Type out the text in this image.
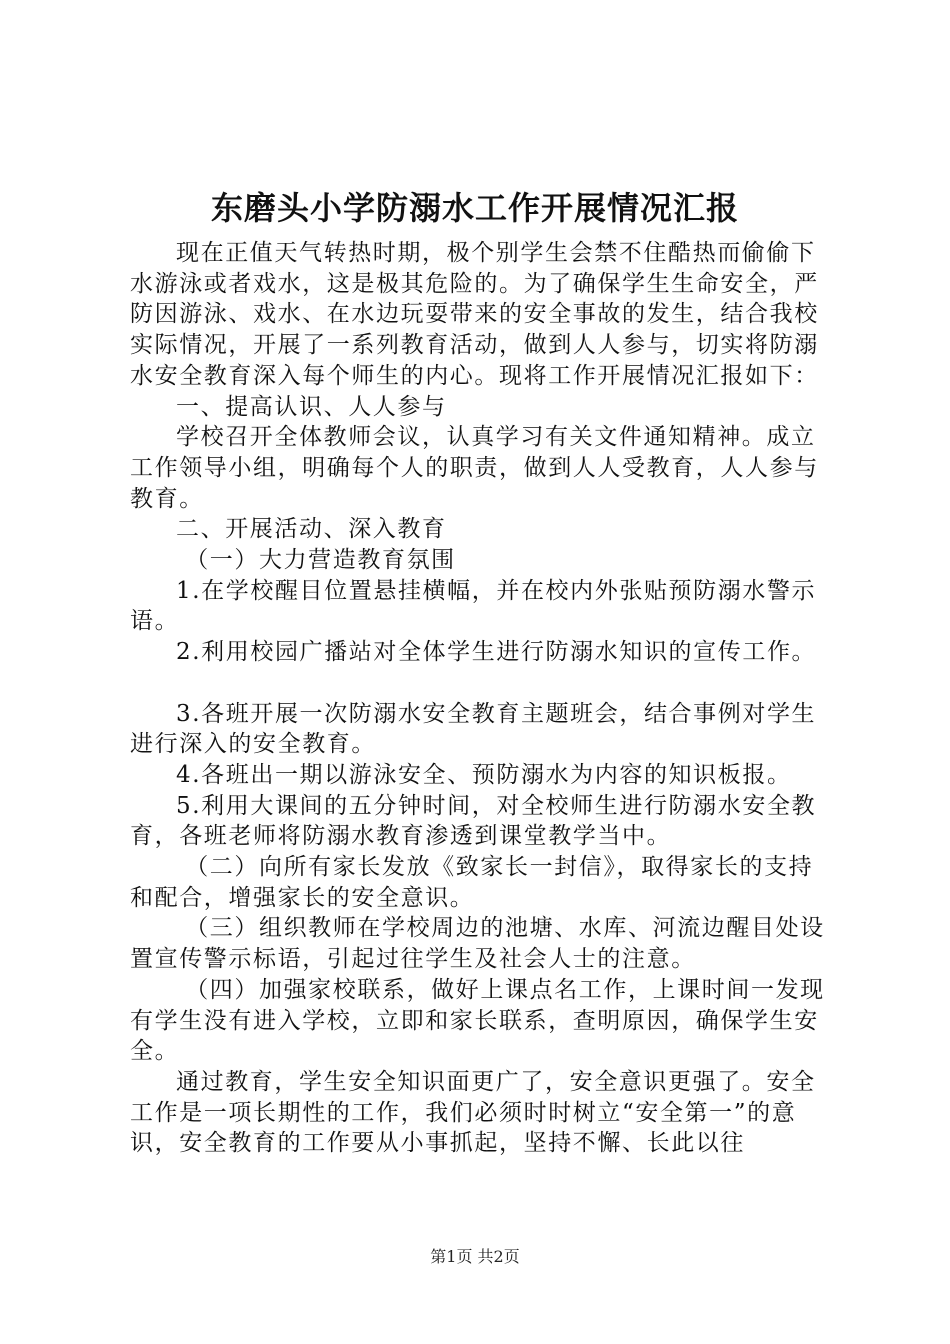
东磨头小学防溺水工作开展情况汇报

现在正值天气转热时期，极个别学生会禁不住酷热而偷偷下水游泳或者戏水，这是极其危险的。为了确保学生生命安全，严防因游泳、戏水、在水边玩耍带来的安全事故的发生，结合我校实际情况，开展了一系列教育活动，做到人人参与，切实将防溺水安全教育深入每个师生的内心。现将工作开展情况汇报如下：

一、提高认识、人人参与

学校召开全体教师会议，认真学习有关文件通知精神。成立工作领导小组，明确每个人的职责，做到人人受教育，人人参与教育。

二、开展活动、深入教育

（一）大力营造教育氛围

1.在学校醒目位置悬挂横幅，并在校内外张贴预防溺水警示语。

2.利用校园广播站对全体学生进行防溺水知识的宣传工作。

3.各班开展一次防溺水安全教育主题班会，结合事例对学生进行深入的安全教育。

4.各班出一期以游泳安全、预防溺水为内容的知识板报。

5.利用大课间的五分钟时间，对全校师生进行防溺水安全教育，各班老师将防溺水教育渗透到课堂教学当中。

（二）向所有家长发放《致家长一封信》，取得家长的支持和配合，增强家长的安全意识。

（三）组织教师在学校周边的池塘、水库、河流边醒目处设置宣传警示标语，引起过往学生及社会人士的注意。

（四）加强家校联系，做好上课点名工作，上课时间一发现有学生没有进入学校，立即和家长联系，查明原因，确保学生安全。

通过教育，学生安全知识面更广了，安全意识更强了。安全工作是一项长期性的工作，我们必须时时树立“安全第一”的意识，安全教育的工作要从小事抓起，坚持不懈、长此以往

第1页 共2页
